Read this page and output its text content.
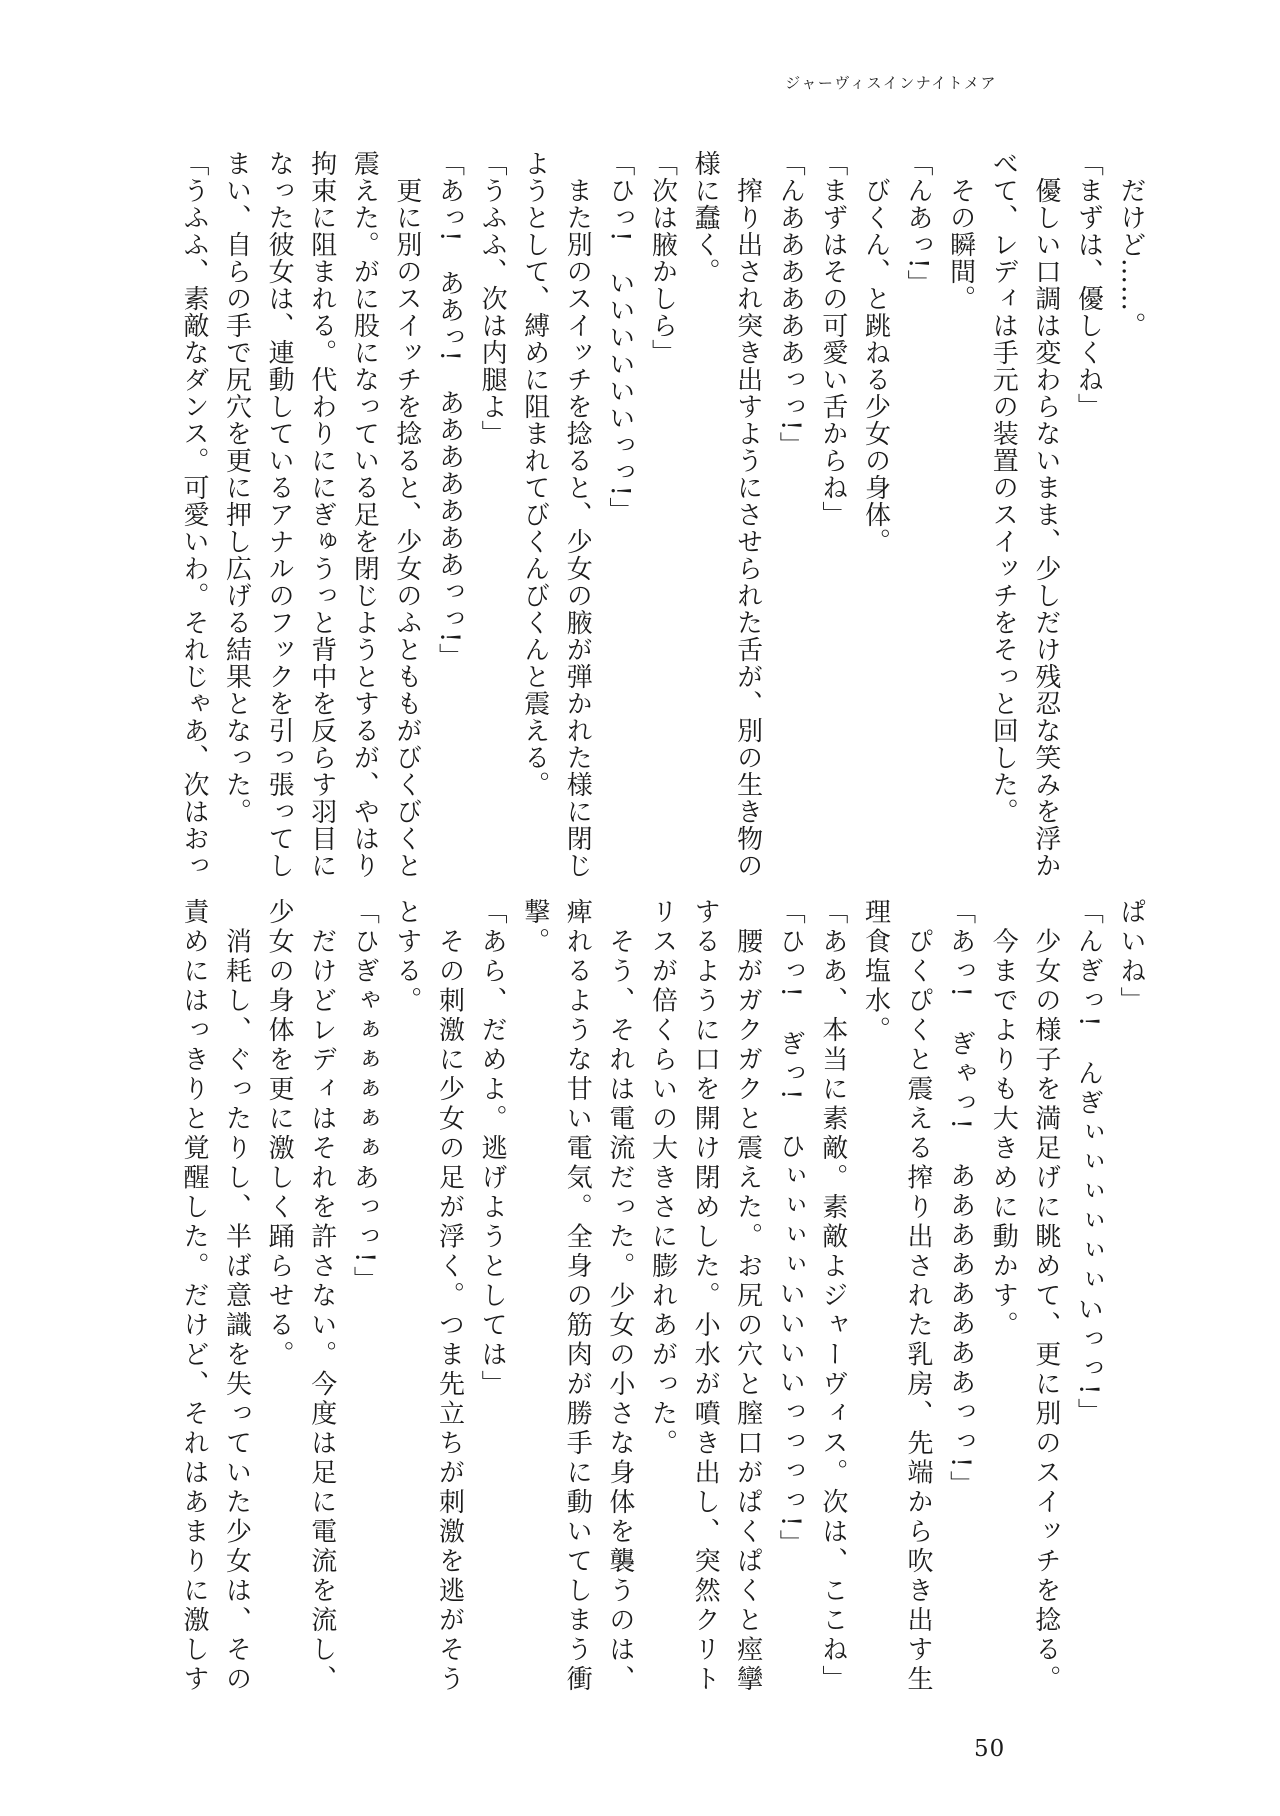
ジャーヴィスインナイトメア
　だけど……。
「まずは、優しくね」
　優しい口調は変わらないまま、少しだけ残忍な笑みを浮か
べて、レディは手元の装置のスイッチをそっと回した。
　その瞬間。
「んあっ!」
　びくん、と跳ねる少女の身体。
「まずはその可愛い舌からね」
「んああああああっっ!」
　搾り出され突き出すようにさせられた舌が、別の生き物の
様に蠢く。
「次は腋かしら」
「ひっ!　いいいいいいっっ!」
　また別のスイッチを捻ると、少女の腋が弾かれた様に閉じ
ようとして、縛めに阻まれてびくんびくんと震える。
「うふふ、次は内腿よ」
「あっ!　ああっ!　あああああああっっ!」
　更に別のスイッチを捻ると、少女のふとももがびくびくと
震えた。がに股になっている足を閉じようとするが、やはり
拘束に阻まれる。代わりににぎゅうっと背中を反らす羽目に
なった彼女は、連動しているアナルのフックを引っ張ってし
まい、自らの手で尻穴を更に押し広げる結果となった。
「うふふ、素敵なダンス。可愛いわ。それじゃあ、次はおっ
ぱいね」
「んぎっ!　んぎぃぃぃぃぃぃいっっ!」
　少女の様子を満足げに眺めて、更に別のスイッチを捻る。
　今までよりも大きめに動かす。
「あっ!　ぎゃっ!　ああああああああっっ!」
　ぴくぴくと震える搾り出された乳房、先端から吹き出す生
理食塩水。
「ああ、本当に素敵。素敵よジャーヴィス。次は、ここね」
「ひっ!　ぎっ!　ひぃぃぃぃいいいいっっっっ!」
　腰がガクガクと震えた。お尻の穴と膣口がぱくぱくと痙攣
するように口を開け閉めした。小水が噴き出し、突然クリト
リスが倍くらいの大きさに膨れあがった。
　そう、それは電流だった。少女の小さな身体を襲うのは、
痺れるような甘い電気。全身の筋肉が勝手に動いてしまう衝
撃。
「あら、だめよ。逃げようとしては」
　その刺激に少女の足が浮く。つま先立ちが刺激を逃がそう
とする。
「ひぎゃぁぁぁぁぁあっっ!」
　だけどレディはそれを許さない。今度は足に電流を流し、
少女の身体を更に激しく踊らせる。
　消耗し、ぐったりし、半ば意識を失っていた少女は、その
責めにはっきりと覚醒した。だけど、それはあまりに激しす
50
